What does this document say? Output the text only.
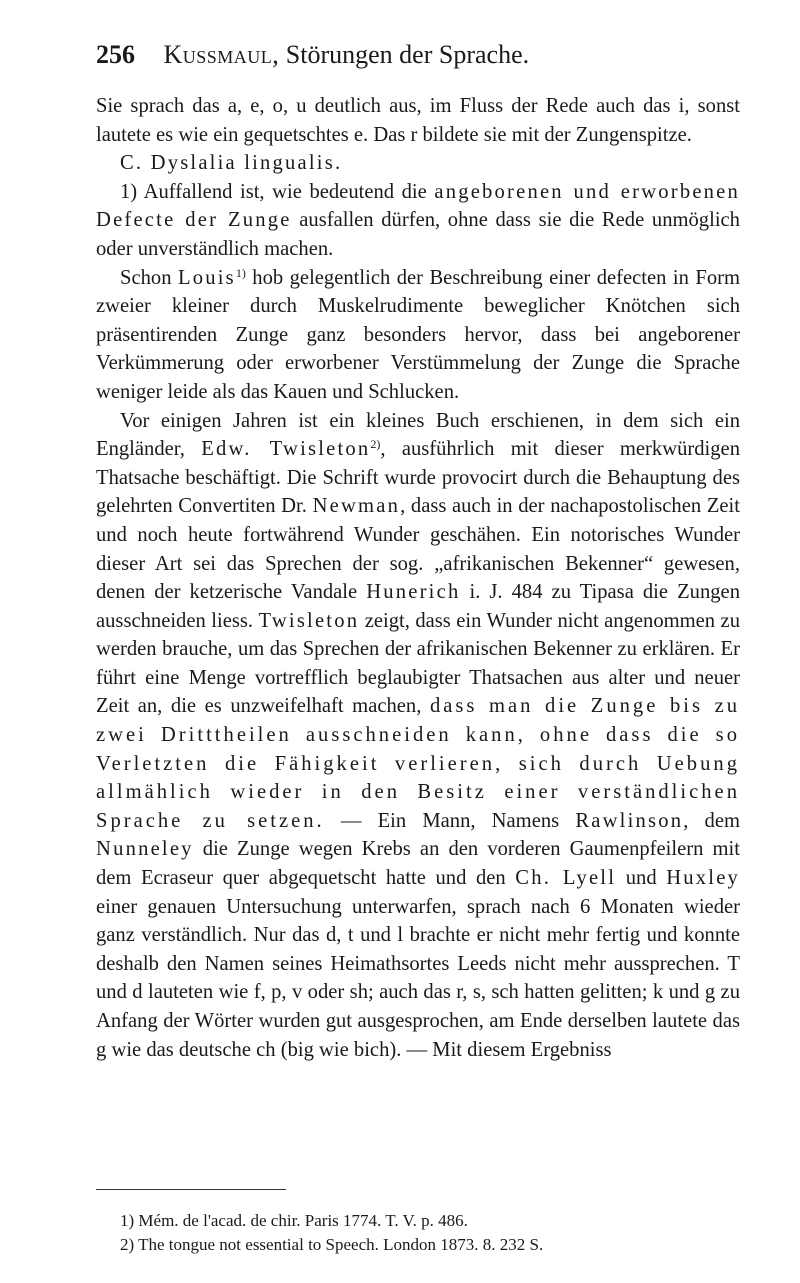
256 Kussmaul, Störungen der Sprache.

Sie sprach das a, e, o, u deutlich aus, im Fluss der Rede auch das i, sonst lautete es wie ein gequetschtes e. Das r bildete sie mit der Zungenspitze.

C. Dyslalia lingualis.

1) Auffallend ist, wie bedeutend die angeborenen und erworbenen Defecte der Zunge ausfallen dürfen, ohne dass sie die Rede unmöglich oder unverständlich machen.

Schon Louis$^{1)}$ hob gelegentlich der Beschreibung einer defecten in Form zweier kleiner durch Muskelrudimente beweglicher Knötchen sich präsentirenden Zunge ganz besonders hervor, dass bei angeborener Verkümmerung oder erworbener Verstümmelung der Zunge die Sprache weniger leide als das Kauen und Schlucken.

Vor einigen Jahren ist ein kleines Buch erschienen, in dem sich ein Engländer, Edw. Twisleton$^{2)}$, ausführlich mit dieser merkwürdigen Thatsache beschäftigt. Die Schrift wurde provocirt durch die Behauptung des gelehrten Convertiten Dr. Newman, dass auch in der nachapostolischen Zeit und noch heute fortwährend Wunder geschähen. Ein notorisches Wunder dieser Art sei das Sprechen der sog. „afrikanischen Bekenner“ gewesen, denen der ketzerische Vandale Hunerich i. J. 484 zu Tipasa die Zungen ausschneiden liess. Twisleton zeigt, dass ein Wunder nicht angenommen zu werden brauche, um das Sprechen der afrikanischen Bekenner zu erklären. Er führt eine Menge vortrefflich beglaubigter Thatsachen aus alter und neuer Zeit an, die es unzweifelhaft machen, dass man die Zunge bis zu zwei Dritttheilen ausschneiden kann, ohne dass die so Verletzten die Fähigkeit verlieren, sich durch Uebung allmählich wieder in den Besitz einer verständlichen Sprache zu setzen. — Ein Mann, Namens Rawlinson, dem Nunneley die Zunge wegen Krebs an den vorderen Gaumenpfeilern mit dem Ecraseur quer abgequetscht hatte und den Ch. Lyell und Huxley einer genauen Untersuchung unterwarfen, sprach nach 6 Monaten wieder ganz verständlich. Nur das d, t und l brachte er nicht mehr fertig und konnte deshalb den Namen seines Heimathsortes Leeds nicht mehr aussprechen. T und d lauteten wie f, p, v oder sh; auch das r, s, sch hatten gelitten; k und g zu Anfang der Wörter wurden gut ausgesprochen, am Ende derselben lautete das g wie das deutsche ch (big wie bich). — Mit diesem Ergebniss

1) Mém. de l'acad. de chir. Paris 1774. T. V. p. 486.
2) The tongue not essential to Speech. London 1873. 8. 232 S.
